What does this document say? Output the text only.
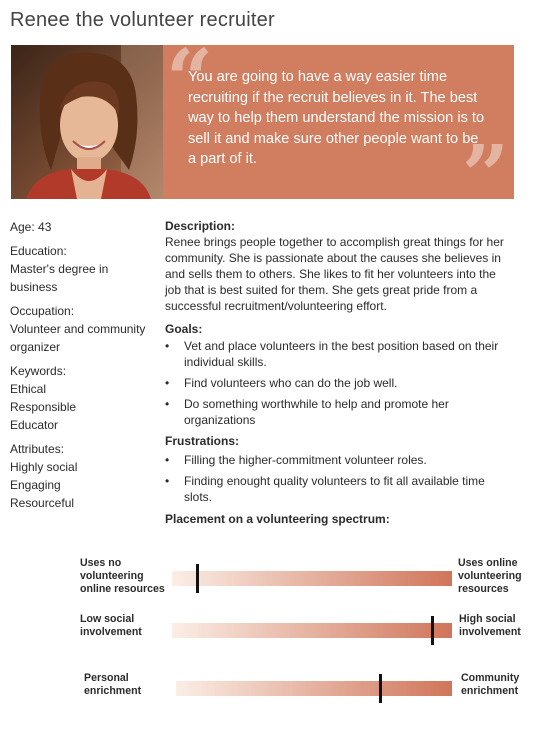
Renee the volunteer recruiter
“
You are going to have a way easier time recruiting if the recruit believes in it. The best way to help them understand the mission is to sell it and make sure other people want to be a part of it.	”
Age: 43
Education:
Master's degree in business
Occupation:
Volunteer and community organizer
Keywords:
Ethical
Responsible
Educator
Attributes:
Highly social
Engaging
Resourceful
Description:
Renee brings people together to accomplish great things for her community. She is passionate about the causes she believes in and sells them to others. She likes to fit her volunteers into the job that is best suited for them. She gets great pride from a successful recruitment/volunteering effort.
Goals:
• Vet and place volunteers in the best position based on their individual skills.
• Find volunteers who can do the job well.
• Do something worthwhile to help and promote her organizations
Frustrations:
• Filling the higher-commitment volunteer roles.
• Finding enought quality volunteers to fit all available time slots.
Placement on a volunteering spectrum:
Uses no volunteering online resources
Uses online volunteering resources
Low social involvement
High social involvement
Personal enrichment
Community enrichment
